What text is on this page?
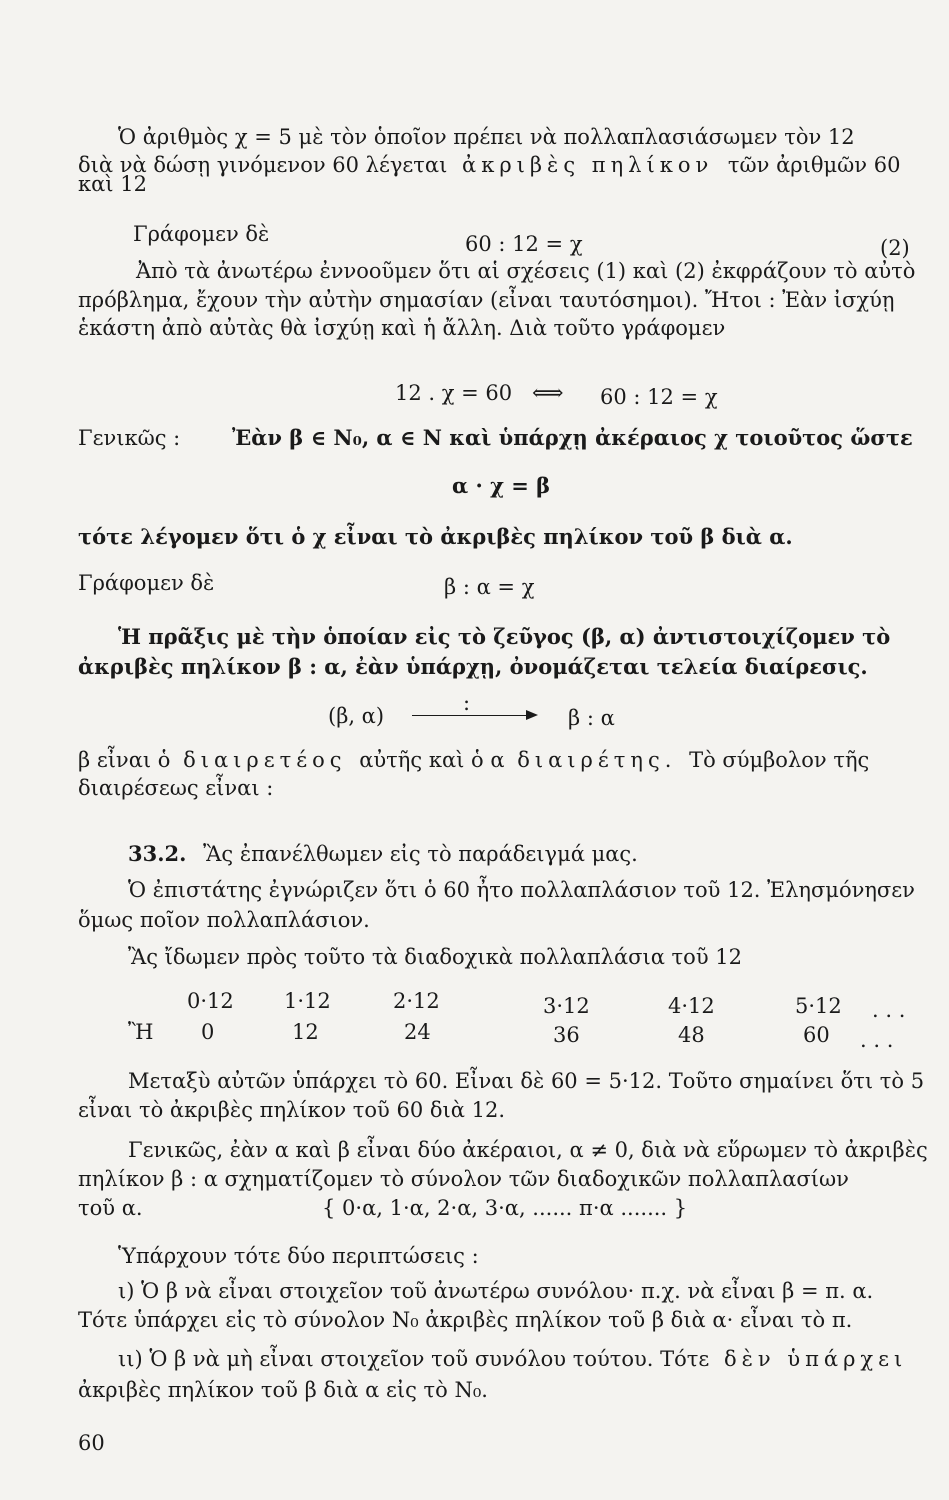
Ὁ ἀριθμὸς χ = 5 μὲ τὸν ὁποῖον πρέπει νὰ πολλαπλασιάσωμεν τὸν 12
διὰ νὰ δώσῃ γινόμενον 60 λέγεται ἀκριβὲς πηλίκον τῶν ἀριθμῶν 60
καὶ 12
Γράφομεν δὲ	60 : 12 = χ	(2)
Ἀπὸ τὰ ἀνωτέρω ἐννοοῦμεν ὅτι αἱ σχέσεις (1) καὶ (2) ἐκφράζουν τὸ αὐτὸ
πρόβλημα, ἔχουν τὴν αὐτὴν σημασίαν (εἶναι ταυτόσημοι). Ἤτοι : Ἐὰν ἰσχύῃ
ἑκάστη ἀπὸ αὐτὰς θὰ ἰσχύῃ καὶ ἡ ἄλλη. Διὰ τοῦτο γράφομεν
12 . χ = 60 ⟺ 60 : 12 = χ
Γενικῶς : Ἐὰν β ∈ N₀, α ∈ N καὶ ὑπάρχῃ ἀκέραιος χ τοιοῦτος ὥστε
α · χ = β
τότε λέγομεν ὅτι ὁ χ εἶναι τὸ ἀκριβὲς πηλίκον τοῦ β διὰ α.
Γράφομεν δὲ	β : α = χ
Ἡ πρᾶξις μὲ τὴν ὁποίαν εἰς τὸ ζεῦγος (β, α) ἀντιστοιχίζομεν τὸ
ἀκριβὲς πηλίκον β : α, ἐὰν ὑπάρχῃ, ὀνομάζεται τελεία διαίρεσις.
(β, α)
:
β : α
β εἶναι ὁ διαιρετέος αὐτῆς καὶ ὁ α διαιρέτης. Τὸ σύμβολον τῆς
διαιρέσεως εἶναι :
33.2. Ἂς ἐπανέλθωμεν εἰς τὸ παράδειγμά μας.
Ὁ ἐπιστάτης ἐγνώριζεν ὅτι ὁ 60 ἦτο πολλαπλάσιον τοῦ 12. Ἐλησμόνησεν
ὅμως ποῖον πολλαπλάσιον.
Ἂς ἴδωμεν πρὸς τοῦτο τὰ διαδοχικὰ πολλαπλάσια τοῦ 12
0·12 1·12	2·12	3·12	4·12	5·12 . . .
Ἢ 0	12	24	36	48	60 . . .
Μεταξὺ αὐτῶν ὑπάρχει τὸ 60. Εἶναι δὲ 60 = 5·12. Τοῦτο σημαίνει ὅτι τὸ 5
εἶναι τὸ ἀκριβὲς πηλίκον τοῦ 60 διὰ 12.
Γενικῶς, ἐὰν α καὶ β εἶναι δύο ἀκέραιοι, α ≠ 0, διὰ νὰ εὕρωμεν τὸ ἀκριβὲς
πηλίκον β : α σχηματίζομεν τὸ σύνολον τῶν διαδοχικῶν πολλαπλασίων
τοῦ α.	{ 0·α, 1·α, 2·α, 3·α, ...... π·α ....... }
Ὑπάρχουν τότε δύο περιπτώσεις :
ι) Ὁ β νὰ εἶναι στοιχεῖον τοῦ ἀνωτέρω συνόλου· π.χ. νὰ εἶναι β = π. α.
Τότε ὑπάρχει εἰς τὸ σύνολον N₀ ἀκριβὲς πηλίκον τοῦ β διὰ α· εἶναι τὸ π.
ιι) Ὁ β νὰ μὴ εἶναι στοιχεῖον τοῦ συνόλου τούτου. Τότε δὲν ὑπάρχει
ἀκριβὲς πηλίκον τοῦ β διὰ α εἰς τὸ N₀.
60
